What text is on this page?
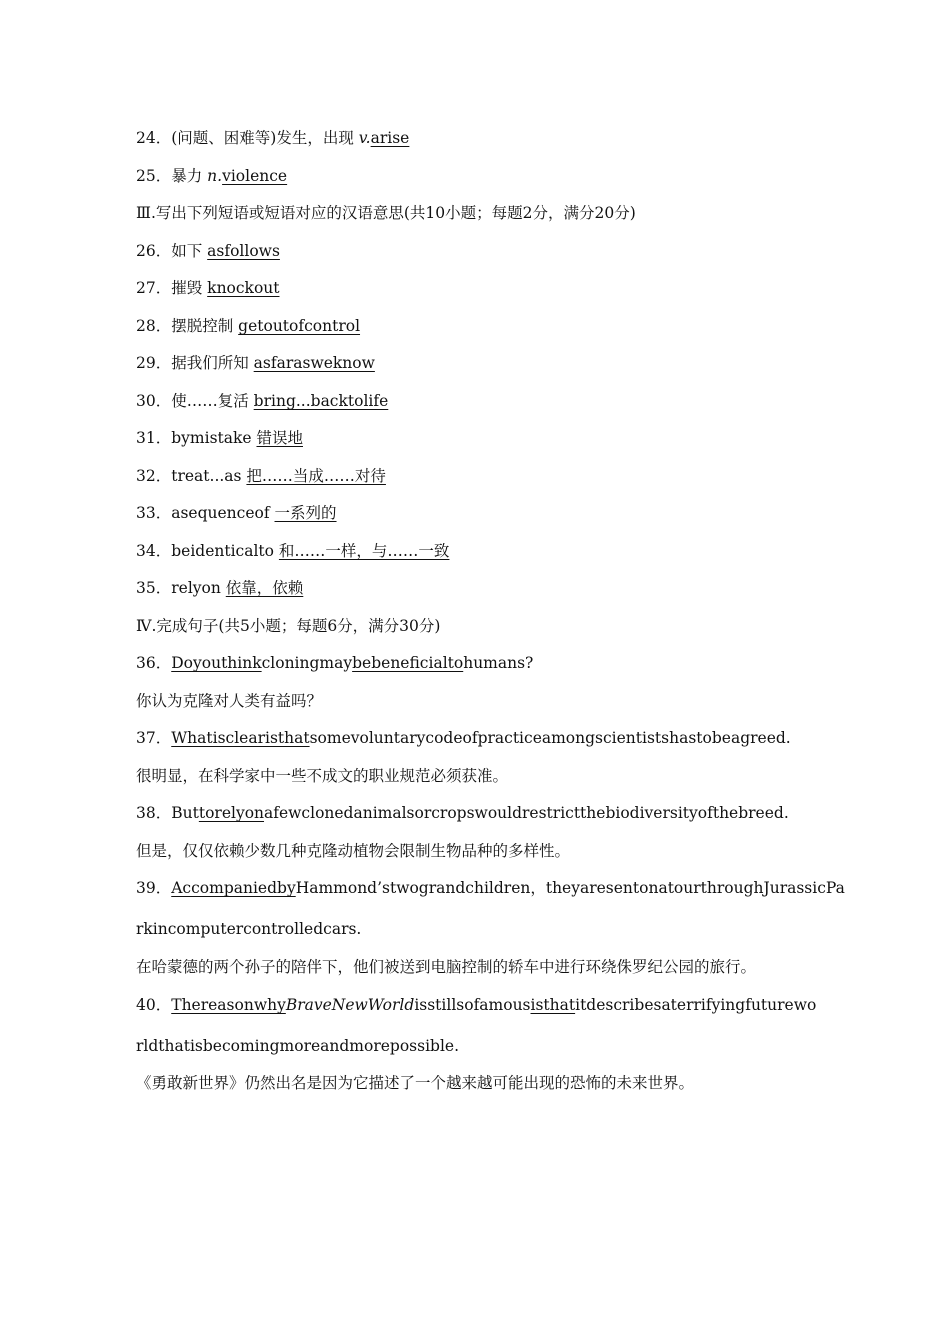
24．(问题、困难等)发生，出现 v.arise
25．暴力 n.violence
Ⅲ.写出下列短语或短语对应的汉语意思(共10小题；每题2分，满分20分)
26．如下 asfollows
27．摧毁 knockout
28．摆脱控制 getoutofcontrol
29．据我们所知 asfarasweknow
30．使……复活 bring...backtolife
31．bymistake 错误地
32．treat...as 把……当成……对待
33．asequenceof 一系列的
34．beidenticalto 和……一样，与……一致
35．relyon 依靠，依赖
Ⅳ.完成句子(共5小题；每题6分，满分30分)
36．Doyouthinkcloningmaybebeneficialtohumans?
你认为克隆对人类有益吗？
37．Whatisclearisthatsomevoluntarycodeofpracticeamongscientistshastobeagreed.
很明显，在科学家中一些不成文的职业规范必须获准。
38．Buttorelyonafewclonedanimalsorcropswouldrestrictthebiodiversityofthebreed.
但是，仅仅依赖少数几种克隆动植物会限制生物品种的多样性。
39．AccompaniedbyHammond’stwograndchildren，theyaresentonatourthroughJurassicPa
rkincomputercontrolledcars.
在哈蒙德的两个孙子的陪伴下，他们被送到电脑控制的轿车中进行环绕侏罗纪公园的旅行。
40．ThereasonwhyBraveNewWorldisstillsofamousisthatitdescribesaterrifyingfuturewo
rldthatisbecomingmoreandmorepossible.
《勇敢新世界》仍然出名是因为它描述了一个越来越可能出现的恐怖的未来世界。
